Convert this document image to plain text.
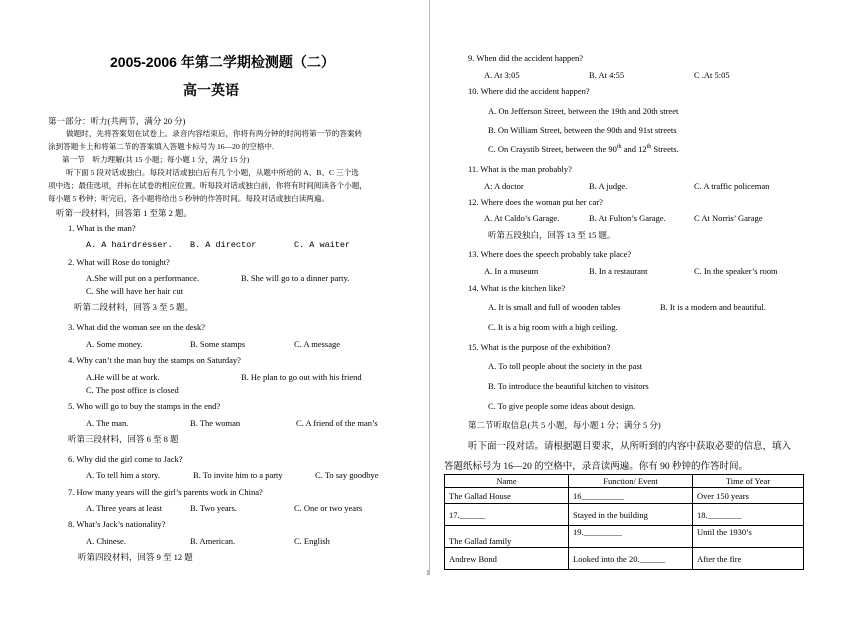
2005-2006 年第二学期检测题（二）
高一英语
第一部分：听力(共两节，满分 20 分)
做题时，先将答案划在试卷上。录音内容结束后，你将有两分钟的时间将第一节的答案转
涂到答题卡上和将第二节的答案填入答题卡标号为 16—20 的空格中.
第一节　听力理解(共 15 小题；每小题 1 分，满分 15 分)
听下面 5 段对话或独白。每段对话或独白后有几个小题，从题中所给的 A、B、C 三个选
项中选；最佳选项，并标在试卷的相应位置。听每段对话或独白前，你将有时间阅读各个小题，
每小题 5 秒钟；听完后，各小题将给出 5 秒钟的作答时间。每段对话或独白读两遍。
听第一段材料，回答第 1 至第 2 题。
1. What is the man?
A. A hairdresser. B. A director	C. A waiter
2. What will Rose do tonight?
A.She will put on a performance.	B. She will go to a dinner party.
C. She will have her hair cut
听第二段材料，回答 3 至 5 题。
3. What did the woman see on the desk?
A. Some money.	B. Some stamps	C. A message
4. Why can’t the man buy the stamps on Saturday?
A.He will be at work.	B. He plan to go out with his friend
C. The post office is closed
5. Who will go to buy the stamps in the end?
A. The man.	B. The woman	C. A friend of the man’s
听第三段材料，回答 6 至 8 题
6. Why did the girl come to Jack?
A. To tell him a story.	B. To invite him to a party	C. To say goodbye
7. How many years will the girl’s parents work in China?
A. Three years at least	B. Two years.	C. One or two years
8. What’s Jack’s nationality?
A. Chinese.	B. American.	C. English
听第四段材料，回答 9 至 12 题
9. When did the accident happen?
A. At 3:05	B. At 4:55	C .At 5:05
10. Where did the accident happen?
A. On Jefferson Street, between the 19th and 20th street
B. On William Street, between the 90th and 91st streets
C. On Craystib Street, between the 90th and 12th Streets.
11. What is the man probably?
A: A doctor	B. A judge.	C. A traffic policeman
12. Where does the woman put her car?
A. At Caldo’s Garage.	B. At Fulton’s Garage.	C At Norris’ Garage
听第五段独白，回答 13 至 15 题。
13. Where does the speech probably take place?
A. In a museum	B. In a restaurant	C. In the speaker’s room
14. What is the kitchen like?
A. It is small and full of wooden tables	B. It is a modern and beautiful.
C. It is a big room with a high ceiling.
15. What is the purpose of the exhibition?
A. To toll people about the society in the past
B. To introduce the beautiful kitchen to visitors
C. To give people some ideas about design.
第二节听取信息(共 5 小题，每小题 1 分；满分 5 分)
听下面一段对话。请根据题目要求，从所听到的内容中获取必要的信息，填入
答题纸标号为 16—20 的空格中，录音读两遍。你有 90 秒钟的作答时间。
Name	Function/ Event	Time of Year
The Gallad House	16__________	Over 150 years
17.______	Stayed in the building	18.________
The Gallad family	19._________	Until the 1930’s
Andrew Bond	Looked into the 20.______	After the fire
1
